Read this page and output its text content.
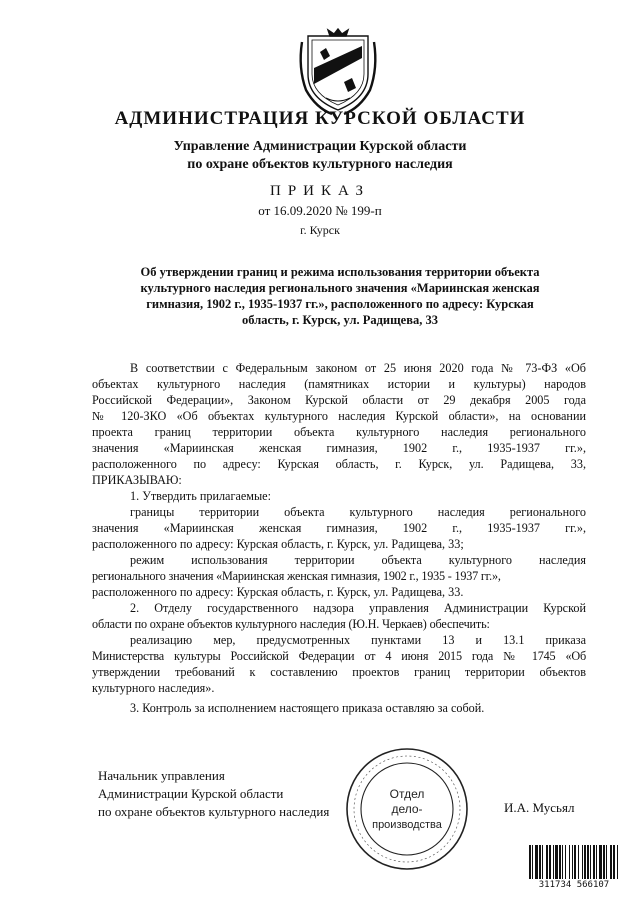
АДМИНИСТРАЦИЯ КУРСКОЙ ОБЛАСТИ
Управление Администрации Курской области
по охране объектов культурного наследия
ПРИКАЗ
от 16.09.2020 № 199-п
г. Курск
Об утверждении границ и режима использования территории объекта
культурного наследия регионального значения «Мариинская женская
гимназия, 1902 г., 1935-1937 гг.», расположенного по адресу: Курская
область, г. Курск, ул. Радищева, 33
В соответствии с Федеральным законом от 25 июня 2020 года № 73-ФЗ «Об
объектах культурного наследия (памятниках истории и культуры) народов
Российской Федерации», Законом Курской области от 29 декабря 2005 года
№ 120-ЗКО «Об объектах культурного наследия Курской области», на основании
проекта границ территории объекта культурного наследия регионального
значения «Мариинская женская гимназия, 1902 г., 1935-1937 гг.»,
расположенного по адресу: Курская область, г. Курск, ул. Радищева, 33,
ПРИКАЗЫВАЮ:
1. Утвердить прилагаемые:
границы территории объекта культурного наследия регионального
значения «Мариинская женская гимназия, 1902 г., 1935-1937 гг.»,
расположенного по адресу: Курская область, г. Курск, ул. Радищева, 33;
режим использования территории объекта культурного наследия
регионального значения «Мариинская женская гимназия, 1902 г., 1935 - 1937 гг.»,
расположенного по адресу: Курская область, г. Курск, ул. Радищева, 33.
2. Отделу государственного надзора управления Администрации Курской
области по охране объектов культурного наследия (Ю.Н. Черкаев) обеспечить:
реализацию мер, предусмотренных пунктами 13 и 13.1 приказа
Министерства культуры Российской Федерации от 4 июня 2015 года № 1745 «Об
утверждении требований к составлению проектов границ территории объектов
культурного наследия».
3. Контроль за исполнением настоящего приказа оставляю за собой.
Начальник управления
Администрации Курской области
по охране объектов культурного наследия
Отдел
дело-
производства
И.А. Мусьял
311734 566107
